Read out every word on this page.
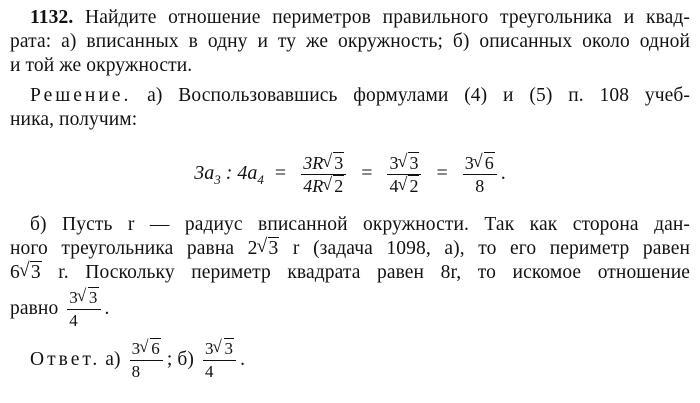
1132. Найдите отношение периметров правильного треугольника и квад-
рата: а) вписанных в одну и ту же окружность; б) описанных около одной
и той же окружности.
Решение. а) Воспользовавшись формулами (4) и (5) п. 108 учеб-
ника, получим:
$3a_3$ : $4a_4 = \frac{3R √ 3}{4R √ 2} = \frac{3 √ 3}{4 √ 2} = \frac{3 √ 6}{8}$ .
б) Пусть r — радиус вписанной окружности. Так как сторона дан-
ного треугольника равна 2 √ 3 r (задача 1098, а), то его периметр равен
6 √ 3 r. Поскольку периметр квадрата равен 8r, то искомое отношение
равно $\frac{3 √ 3}{4}$ .
Ответ. $а) \frac{3 √ 6}{8}$ ; $б) \frac{3 √ 3}{4}$ .
